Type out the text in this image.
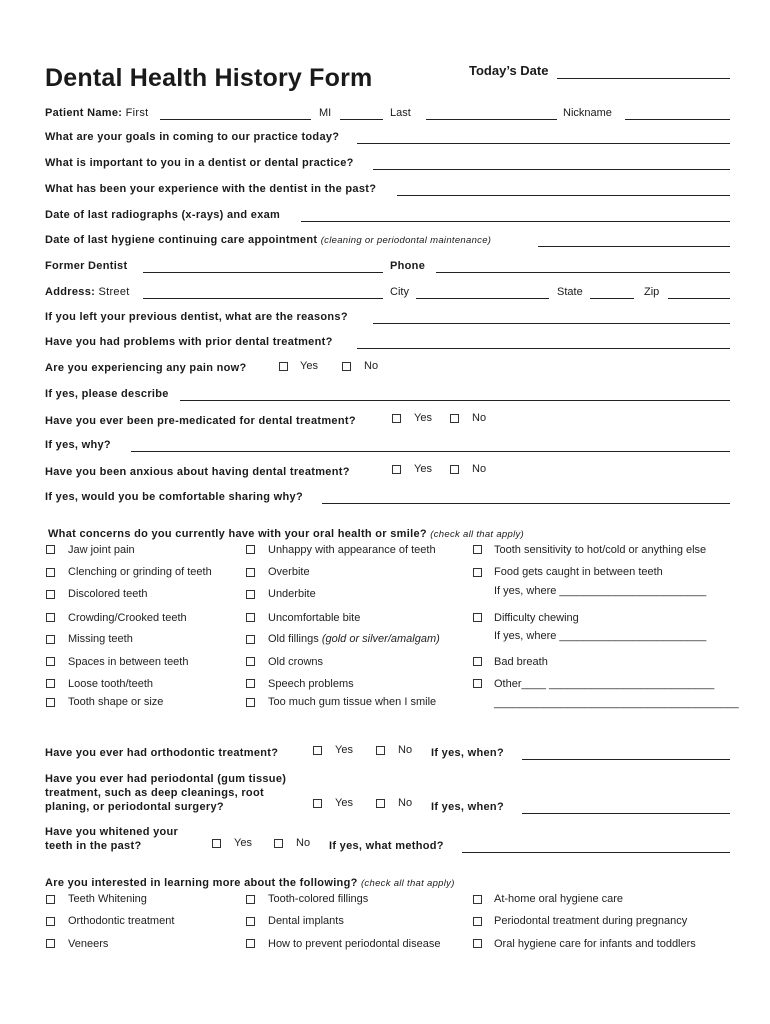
Dental Health History Form	Today’s Date
Patient Name: First	MI	Last	Nickname
What are your goals in coming to our practice today?
What is important to you in a dentist or dental practice?
What has been your experience with the dentist in the past?
Date of last radiographs (x-rays) and exam
Date of last hygiene continuing care appointment (cleaning or periodontal maintenance)
Former Dentist	Phone
Address: Street	City	State	Zip
If you left your previous dentist, what are the reasons?
Have you had problems with prior dental treatment?
Are you experiencing any pain now?	Yes	No
If yes, please describe
Have you ever been pre-medicated for dental treatment?	Yes	No
If yes, why?
Have you been anxious about having dental treatment?	Yes	No
If yes, would you be comfortable sharing why?
What concerns do you currently have with your oral health or smile? (check all that apply)
Jaw joint pain
Clenching or grinding of teeth
Discolored teeth
Crowding/Crooked teeth
Missing teeth
Spaces in between teeth
Loose tooth/teeth
Tooth shape or size
Unhappy with appearance of teeth
Overbite
Underbite
Uncomfortable bite
Old fillings (gold or silver/amalgam)
Old crowns
Speech problems
Too much gum tissue when I smile
Tooth sensitivity to hot/cold or anything else
Food gets caught in between teeth
If yes, where ________________________
Difficulty chewing
If yes, where ________________________
Bad breath
Other____ ___________________________
________________________________________
Have you ever had orthodontic treatment?	Yes	No If yes, when?
Have you ever had periodontal (gum tissue)
treatment, such as deep cleanings, root
planing, or periodontal surgery?	Yes	No If yes, when?
Have you whitened your
teeth in the past?	Yes	No If yes, what method?
Are you interested in learning more about the following? (check all that apply)
Teeth Whitening
Orthodontic treatment
Veneers
Tooth-colored fillings
Dental implants
How to prevent periodontal disease
At-home oral hygiene care
Periodontal treatment during pregnancy
Oral hygiene care for infants and toddlers
